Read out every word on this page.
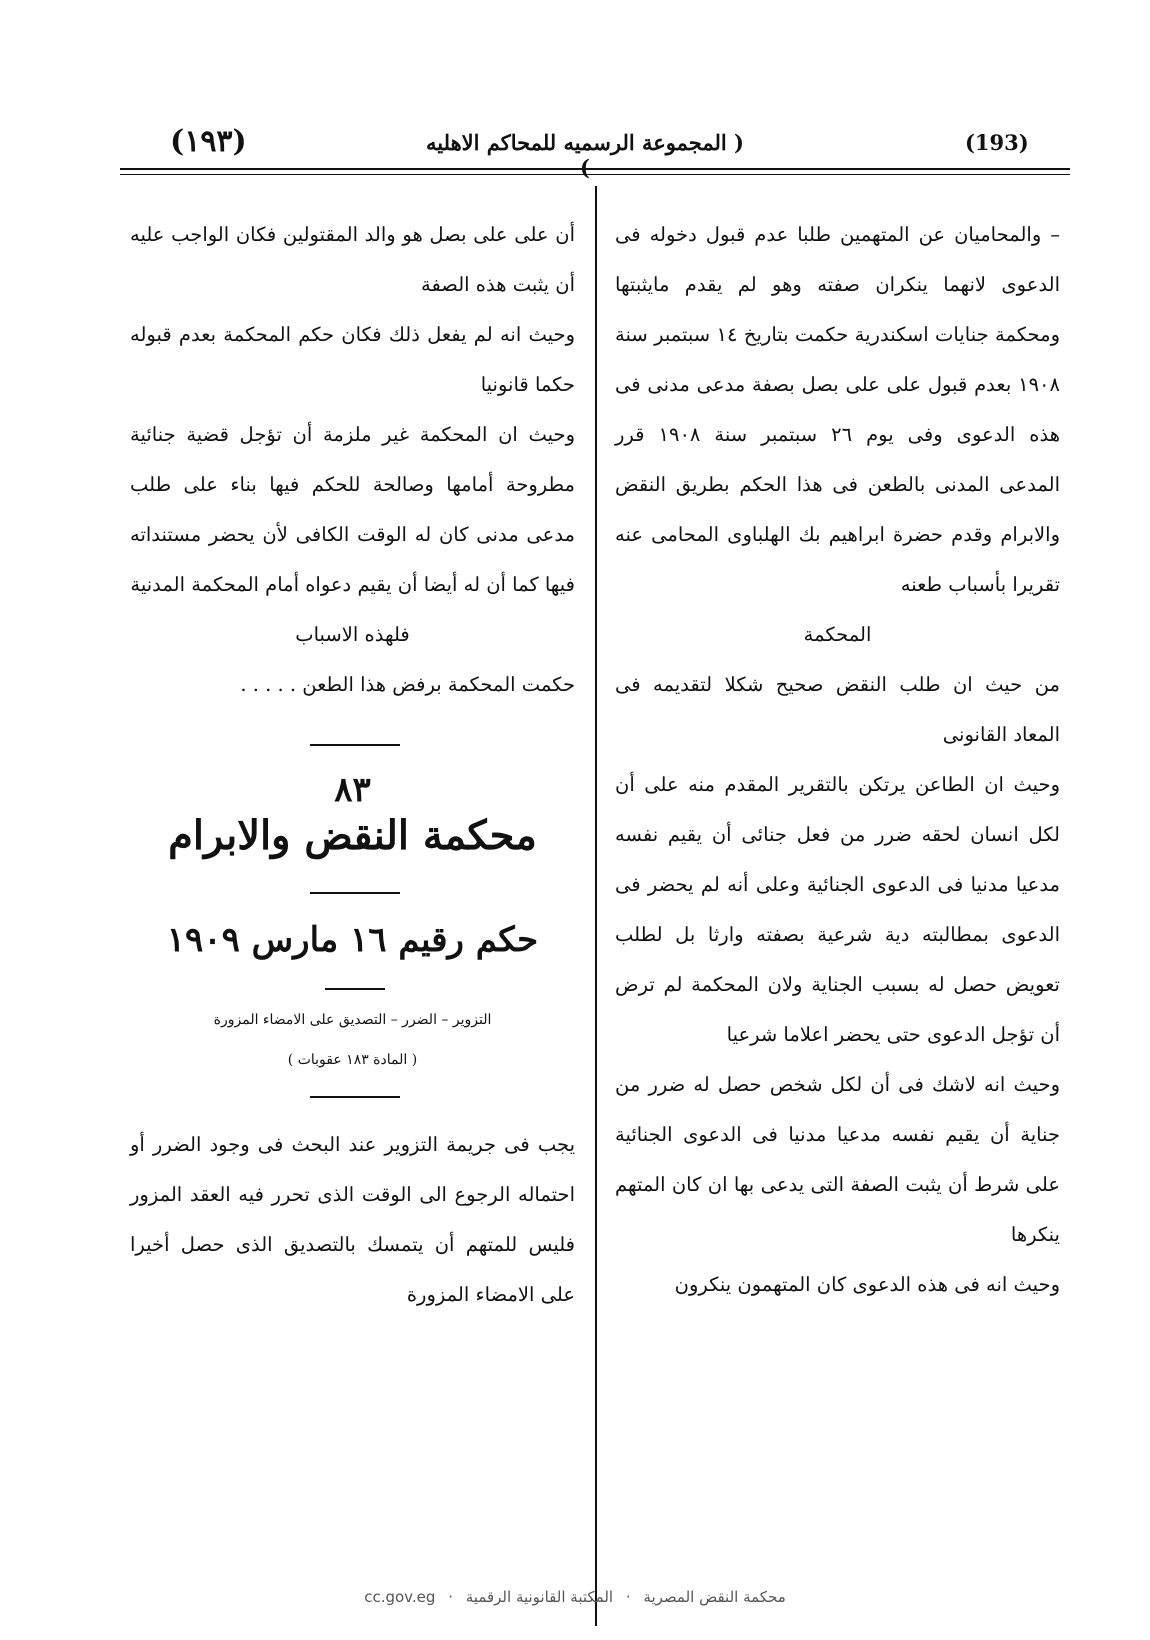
(١٩٣)	( المجموعة الرسميه للمحاكم الاهليه )
(193)

– والمحاميان عن المتهمين طلبا عدم قبول دخوله فى الدعوى لانهما ينكران صفته وهو لم يقدم مايثبتها ومحكمة جنايات اسكندرية حكمت بتاريخ ١٤ سبتمبر سنة ١٩٠٨ بعدم قبول على على بصل بصفة مدعى مدنى فى هذه الدعوى وفى يوم ٢٦ سبتمبر سنة ١٩٠٨ قرر المدعى المدنى بالطعن فى هذا الحكم بطريق النقض والابرام وقدم حضرة ابراهيم بك الهلباوى المحامى عنه تقريرا بأسباب طعنه

المحكمة

من حيث ان طلب النقض صحيح شكلا لتقديمه فى المعاد القانونى

وحيث ان الطاعن يرتكن بالتقرير المقدم منه على أن لكل انسان لحقه ضرر من فعل جنائى أن يقيم نفسه مدعيا مدنيا فى الدعوى الجنائية وعلى أنه لم يحضر فى الدعوى بمطالبته دية شرعية بصفته وارثا بل لطلب تعويض حصل له بسبب الجناية ولان المحكمة لم ترض أن تؤجل الدعوى حتى يحضر اعلاما شرعيا

وحيث انه لاشك فى أن لكل شخص حصل له ضرر من جناية أن يقيم نفسه مدعيا مدنيا فى الدعوى الجنائية على شرط أن يثبت الصفة التى يدعى بها ان كان المتهم ينكرها

وحيث انه فى هذه الدعوى كان المتهمون ينكرون

أن على على بصل هو والد المقتولين فكان الواجب عليه أن يثبت هذه الصفة

وحيث انه لم يفعل ذلك فكان حكم المحكمة بعدم قبوله حكما قانونيا

وحيث ان المحكمة غير ملزمة أن تؤجل قضية جنائية مطروحة أمامها وصالحة للحكم فيها بناء على طلب مدعى مدنى كان له الوقت الكافى لأن يحضر مستنداته فيها كما أن له أيضا أن يقيم دعواه أمام المحكمة المدنية

فلهذه الاسباب

حكمت المحكمة برفض هذا الطعن . . . . .

٨٣
محكمة النقض والابرام
حكم رقيم ١٦ مارس ١٩٠٩
التزوير – الضرر – التصديق على الامضاء المزورة
( المادة ١٨٣ عقوبات )

يجب فى جريمة التزوير عند البحث فى وجود الضرر أو احتماله الرجوع الى الوقت الذى تحرر فيه العقد المزور فليس للمتهم أن يتمسك بالتصديق الذى حصل أخيرا على الامضاء المزورة

cc.gov.eg ·	محكمة النقض المصرية · المكتبة القانونية الرقمية
